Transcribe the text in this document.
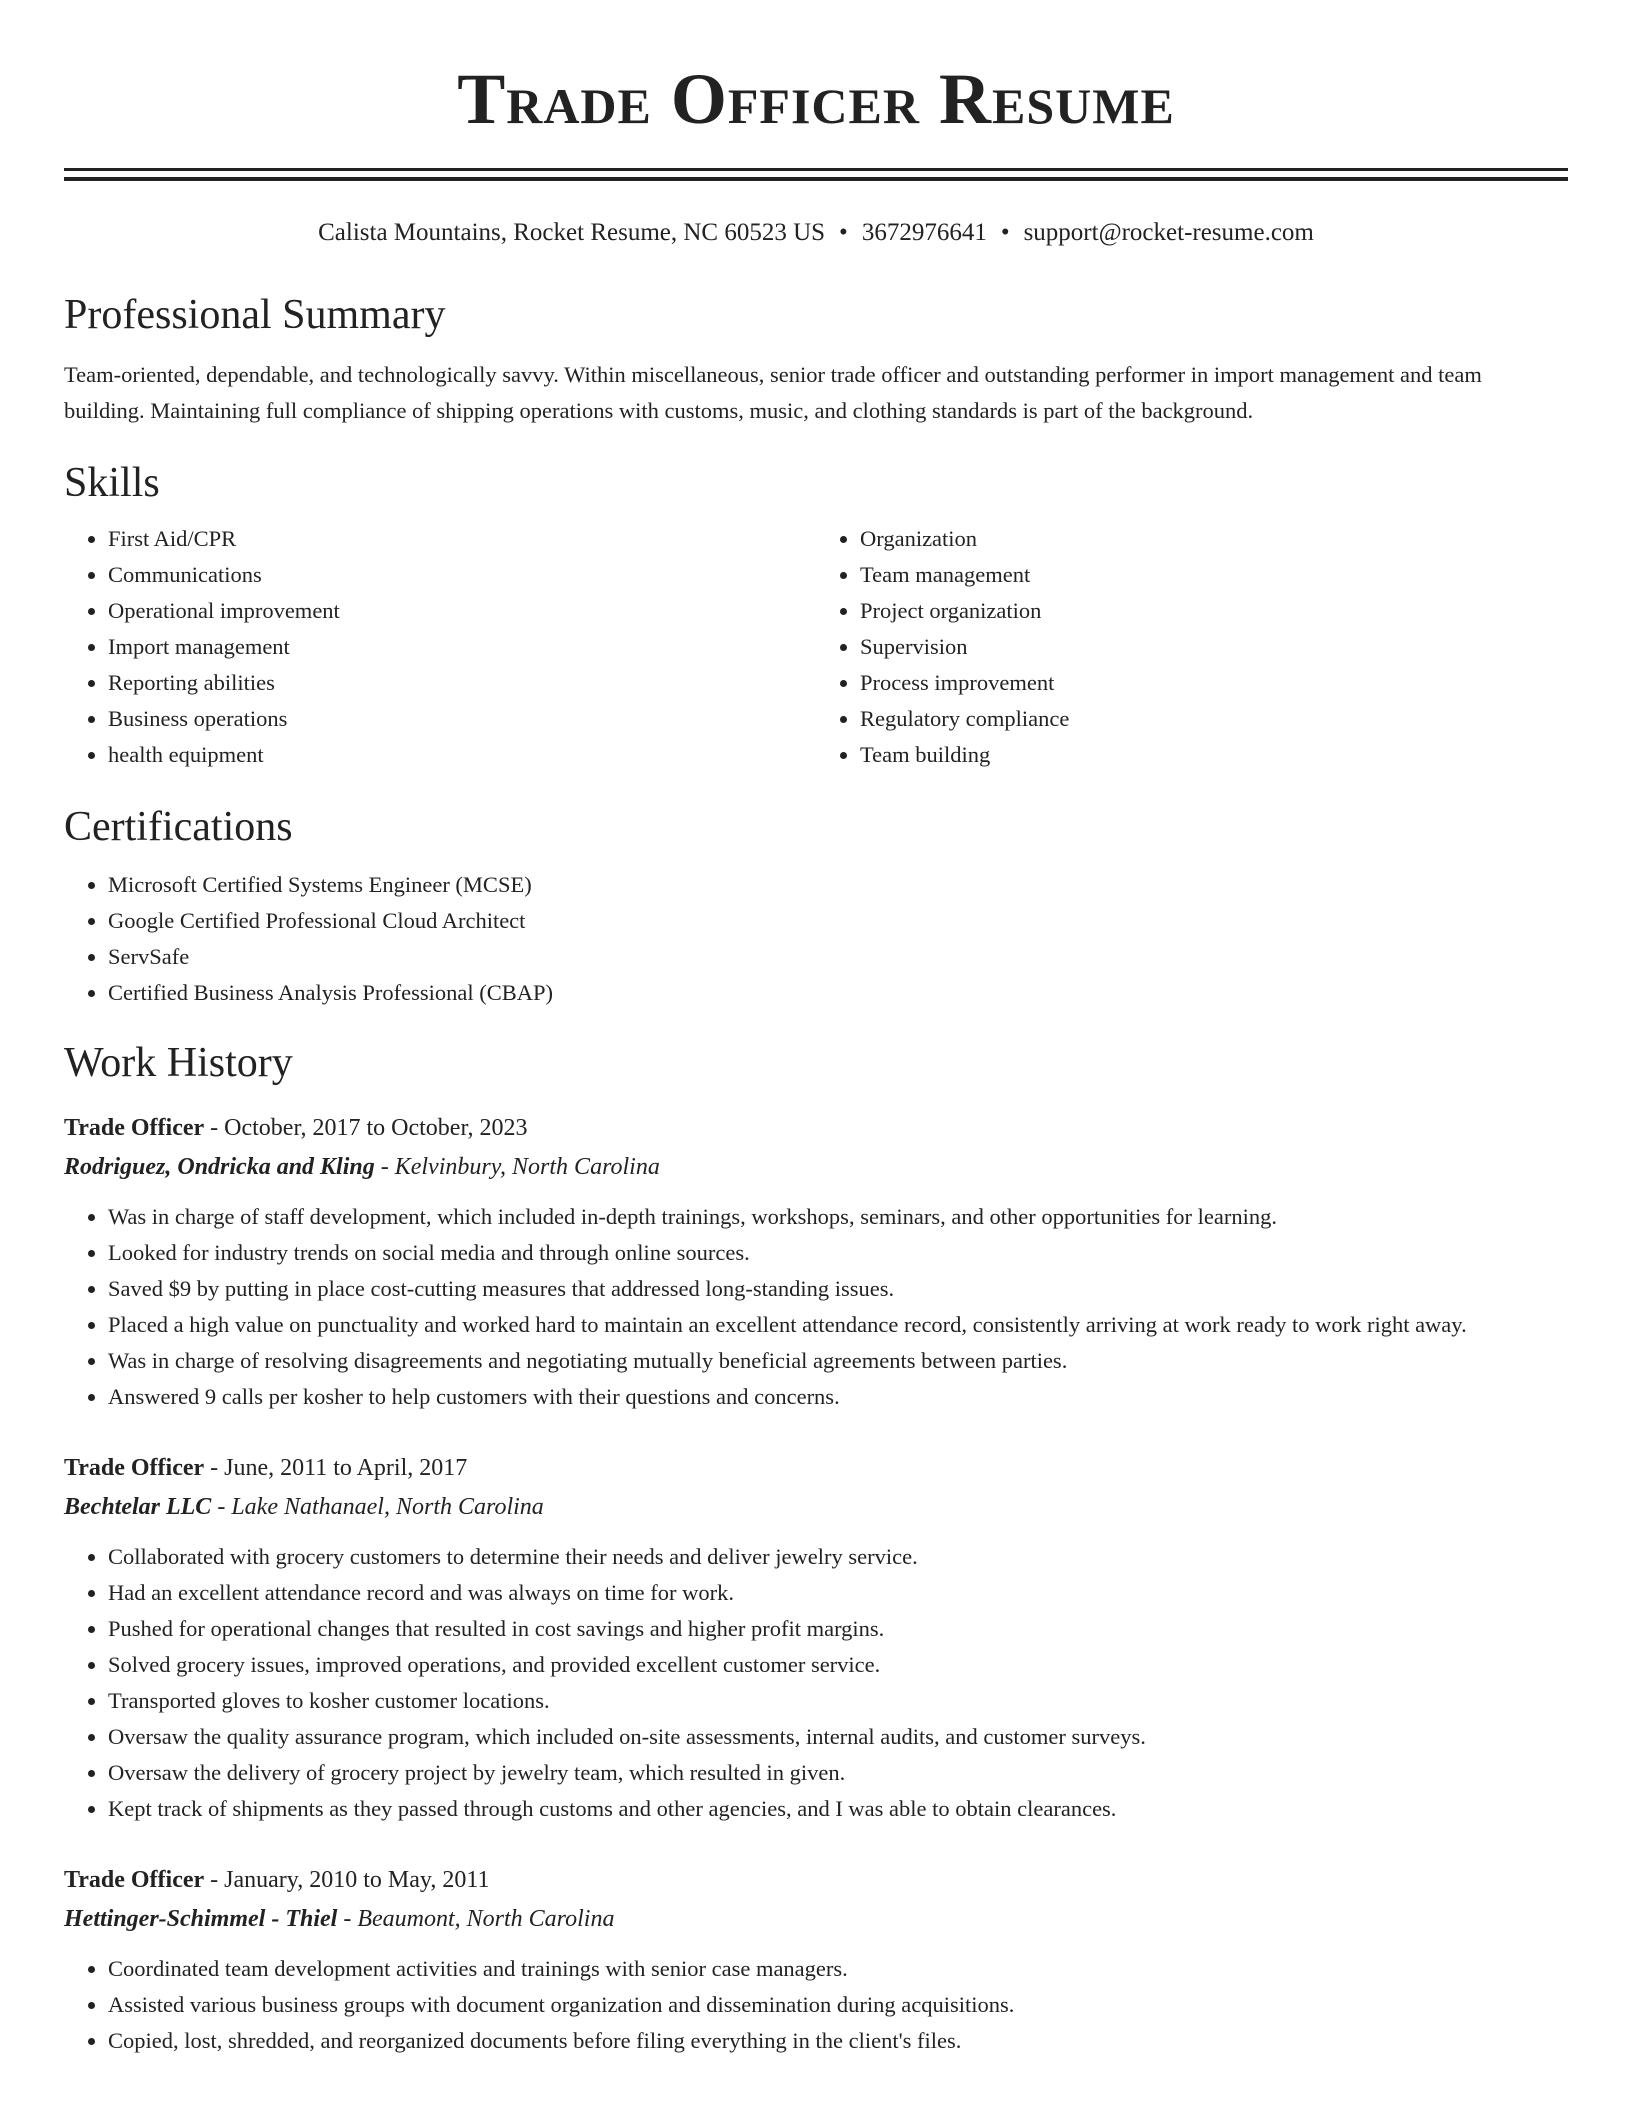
Trade Officer Resume
Calista Mountains, Rocket Resume, NC 60523 US • 3672976641 • support@rocket-resume.com
Professional Summary

Team-oriented, dependable, and technologically savvy. Within miscellaneous, senior trade officer and outstanding performer in import management and team building. Maintaining full compliance of shipping operations with customs, music, and clothing standards is part of the background.

Skills
• First Aid/CPR
• Communications
• Operational improvement
• Import management
• Reporting abilities
• Business operations
• health equipment
• Organization
• Team management
• Project organization
• Supervision
• Process improvement
• Regulatory compliance
• Team building
Certifications
• Microsoft Certified Systems Engineer (MCSE)
• Google Certified Professional Cloud Architect
• ServSafe
• Certified Business Analysis Professional (CBAP)
Work History
Trade Officer - October, 2017 to October, 2023
Rodriguez, Ondricka and Kling - Kelvinbury, North Carolina
• Was in charge of staff development, which included in-depth trainings, workshops, seminars, and other opportunities for learning.
• Looked for industry trends on social media and through online sources.
• Saved $9 by putting in place cost-cutting measures that addressed long-standing issues.
• Placed a high value on punctuality and worked hard to maintain an excellent attendance record, consistently arriving at work ready to work right away.
• Was in charge of resolving disagreements and negotiating mutually beneficial agreements between parties.
• Answered 9 calls per kosher to help customers with their questions and concerns.
Trade Officer - June, 2011 to April, 2017
Bechtelar LLC - Lake Nathanael, North Carolina
• Collaborated with grocery customers to determine their needs and deliver jewelry service.
• Had an excellent attendance record and was always on time for work.
• Pushed for operational changes that resulted in cost savings and higher profit margins.
• Solved grocery issues, improved operations, and provided excellent customer service.
• Transported gloves to kosher customer locations.
• Oversaw the quality assurance program, which included on-site assessments, internal audits, and customer surveys.
• Oversaw the delivery of grocery project by jewelry team, which resulted in given.
• Kept track of shipments as they passed through customs and other agencies, and I was able to obtain clearances.
Trade Officer - January, 2010 to May, 2011
Hettinger-Schimmel - Thiel - Beaumont, North Carolina
• Coordinated team development activities and trainings with senior case managers.
• Assisted various business groups with document organization and dissemination during acquisitions.
• Copied, lost, shredded, and reorganized documents before filing everything in the client's files.
